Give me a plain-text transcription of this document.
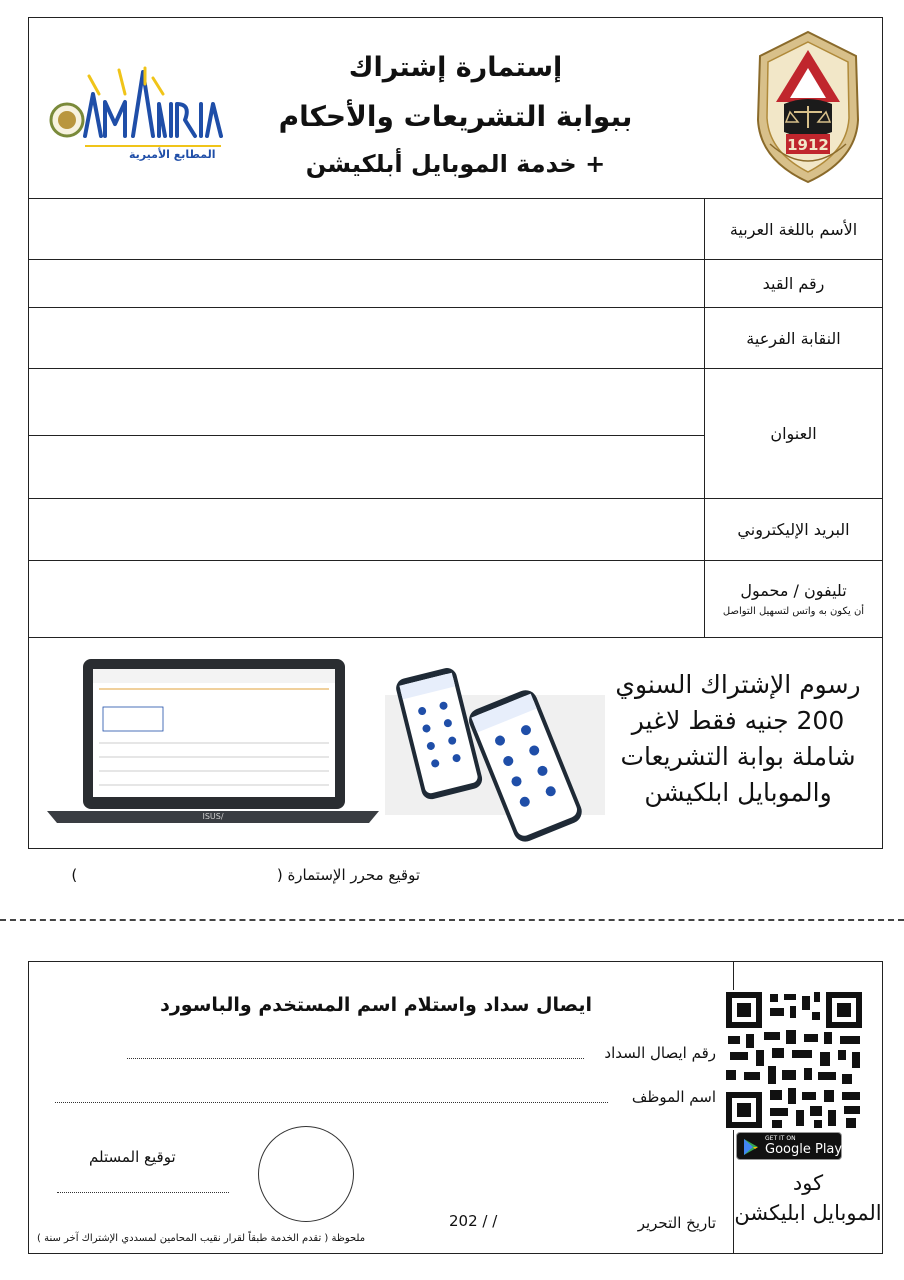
إستمارة إشتراك
ببوابة التشريعات والأحكام
+ خدمة الموبايل أبلكيشن
1912
المطابع الأميرية
الأسم باللغة العربية
رقم القيد
النقابة الفرعية
العنوان
البريد الإليكتروني
تليفون / محمول
أن يكون به واتس لتسهيل التواصل
رسوم الإشتراك السنوي
200 جنيه فقط لاغير
شاملة بوابة التشريعات
والموبايل ابلكيشن
/ISUS
توقيع محرر الإستمارة (  )
GET IT ON
Google Play
كود
الموبايل ابليكشن
ايصال سداد واستلام اسم المستخدم والباسورد
رقم ايصال السداد
اسم الموظف
توقيع المستلم
تاريخ التحرير
202 / /
ملحوظة ( تقدم الخدمة طبقاً لقرار نقيب المحامين لمسددي الإشتراك آخر سنة )
